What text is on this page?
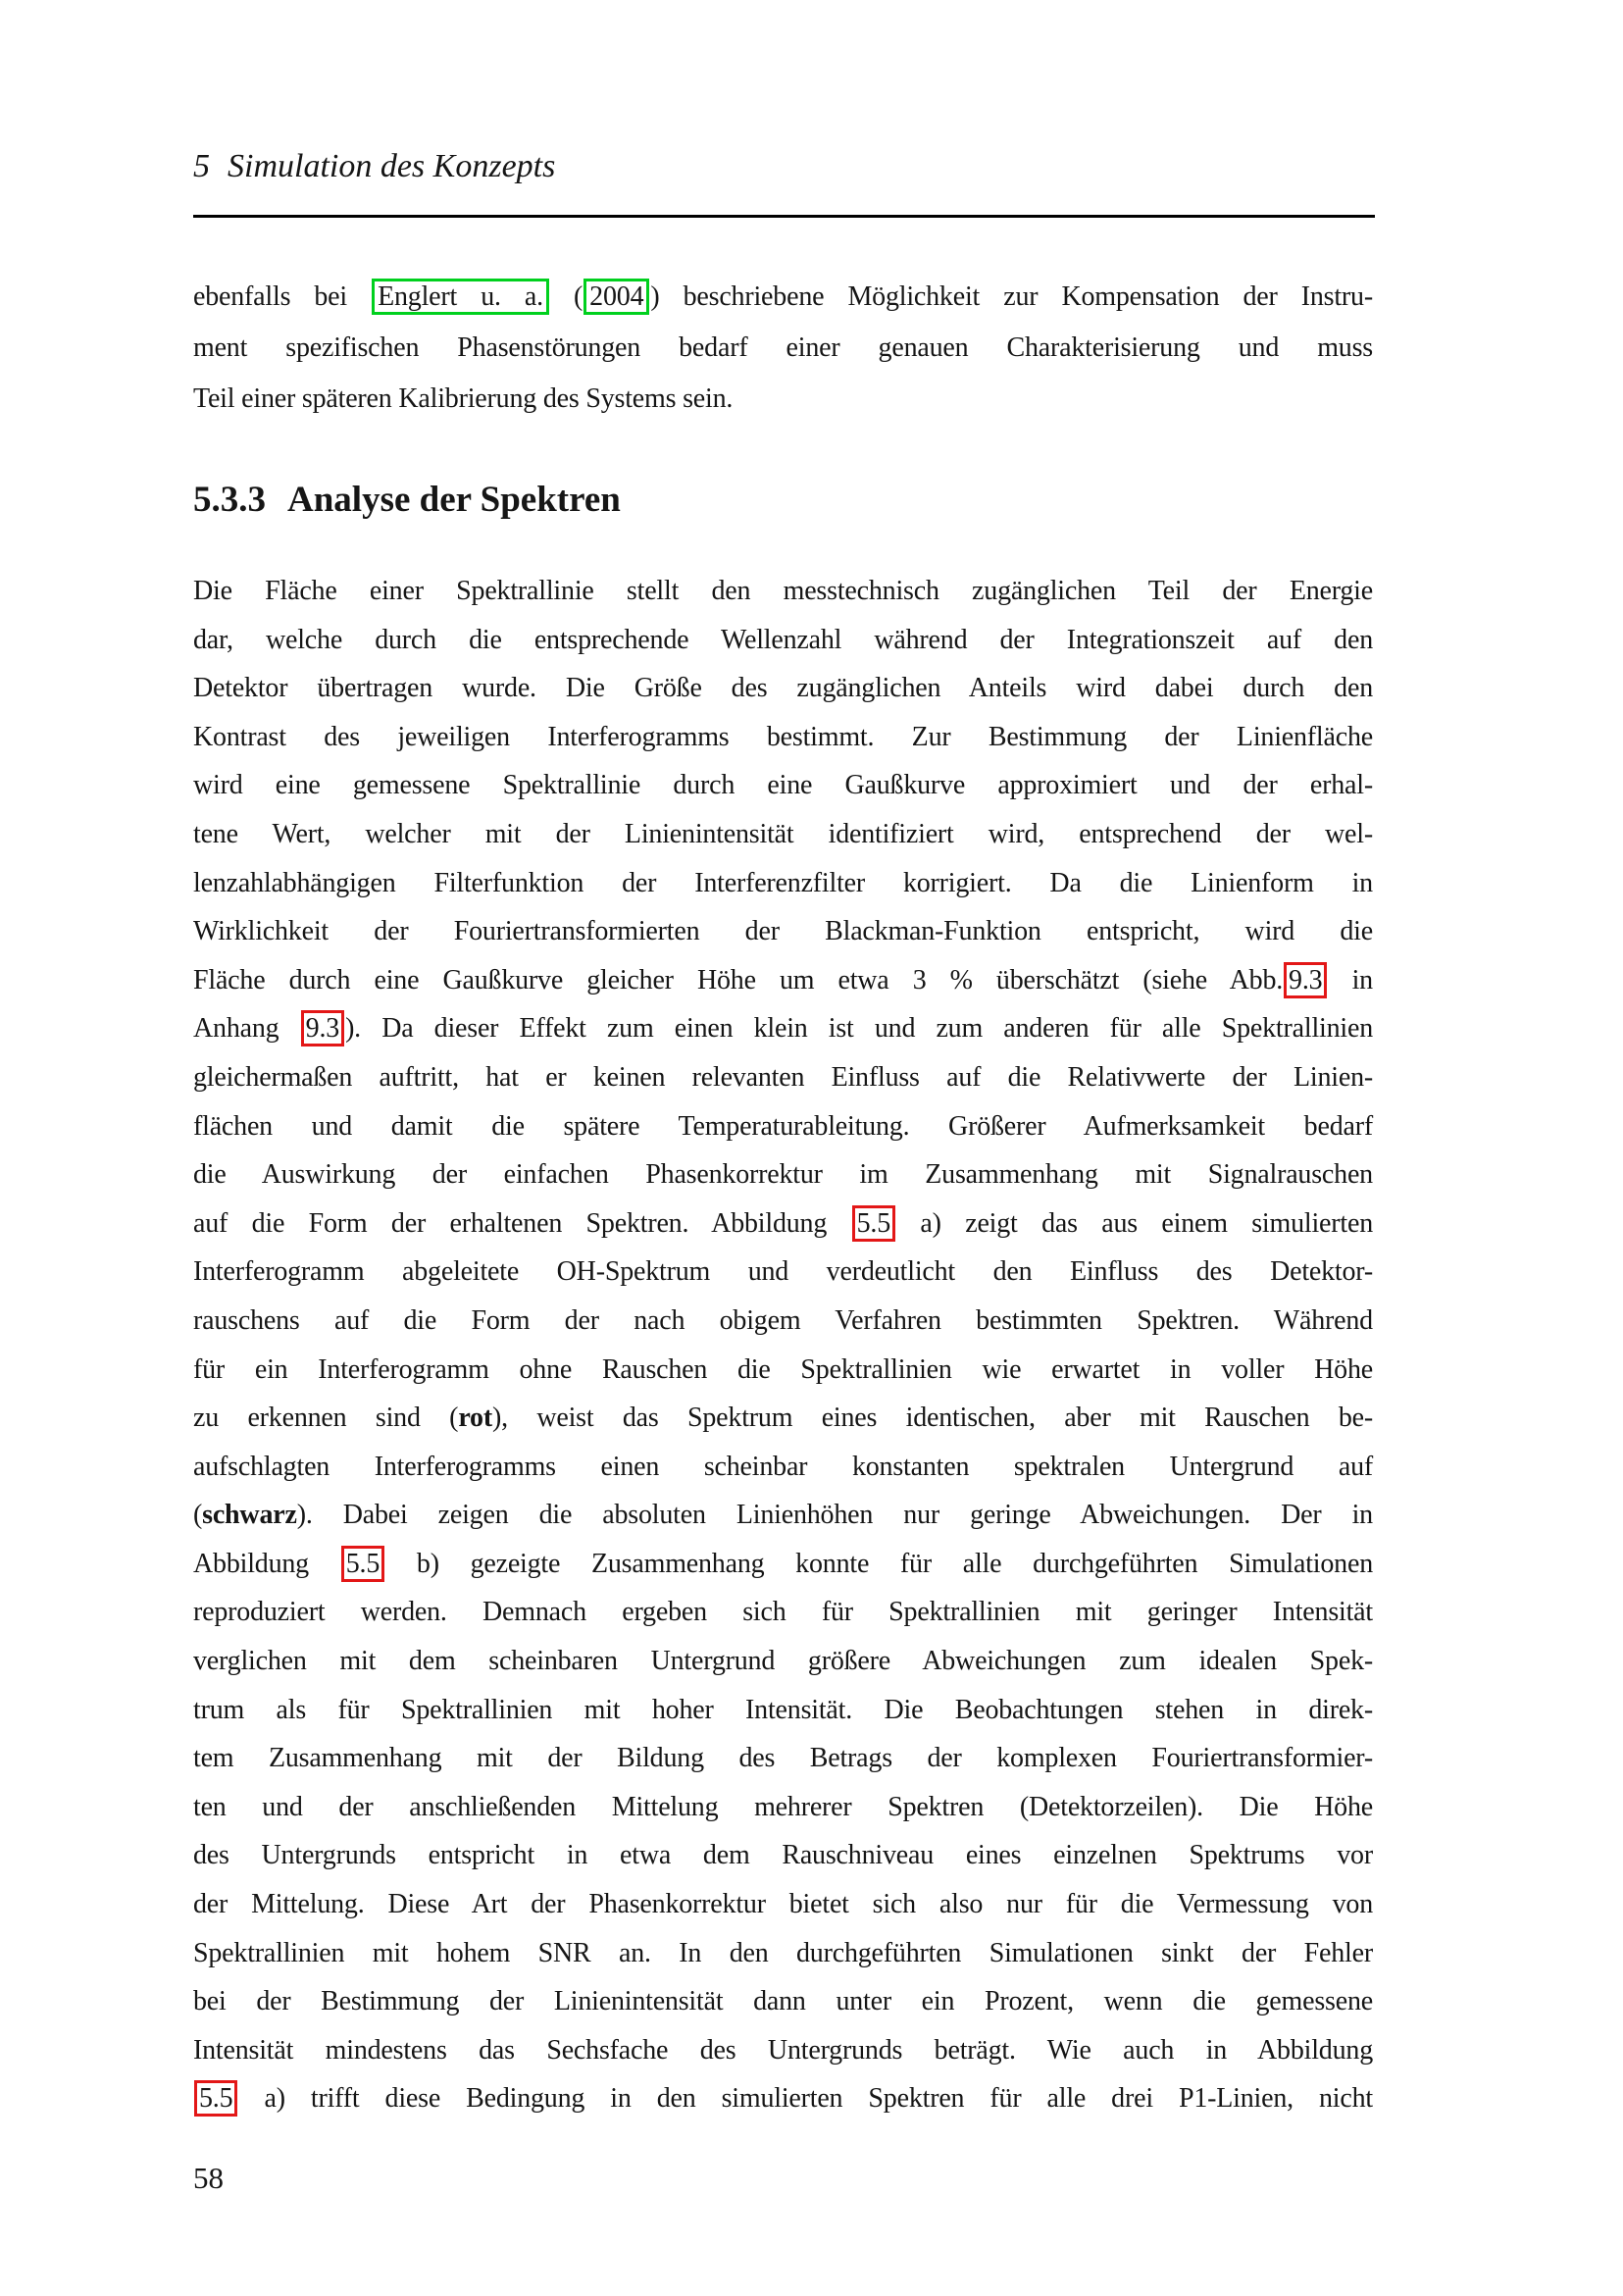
5 Simulation des Konzepts
ebenfalls bei Englert u. a. ( 2004 ) beschriebene Möglichkeit zur Kompensation der Instru-
ment spezifischen Phasenstörungen bedarf einer genauen Charakterisierung und muss
Teil einer späteren Kalibrierung des Systems sein.
5.3.3 Analyse der Spektren
Die Fläche einer Spektrallinie stellt den messtechnisch zugänglichen Teil der Energie
dar, welche durch die entsprechende Wellenzahl während der Integrationszeit auf den
Detektor übertragen wurde. Die Größe des zugänglichen Anteils wird dabei durch den
Kontrast des jeweiligen Interferogramms bestimmt. Zur Bestimmung der Linienfläche
wird eine gemessene Spektrallinie durch eine Gaußkurve approximiert und der erhal-
tene Wert, welcher mit der Linienintensität identifiziert wird, entsprechend der wel-
lenzahlabhängigen Filterfunktion der Interferenzfilter korrigiert. Da die Linienform in
Wirklichkeit der Fouriertransformierten der Blackman-Funktion entspricht, wird die
Fläche durch eine Gaußkurve gleicher Höhe um etwa 3 % überschätzt (siehe Abb. 9.3 in
Anhang 9.3 ). Da dieser Effekt zum einen klein ist und zum anderen für alle Spektrallinien
gleichermaßen auftritt, hat er keinen relevanten Einfluss auf die Relativwerte der Linien-
flächen und damit die spätere Temperaturableitung. Größerer Aufmerksamkeit bedarf
die Auswirkung der einfachen Phasenkorrektur im Zusammenhang mit Signalrauschen
auf die Form der erhaltenen Spektren. Abbildung 5.5 a) zeigt das aus einem simulierten
Interferogramm abgeleitete OH-Spektrum und verdeutlicht den Einfluss des Detektor-
rauschens auf die Form der nach obigem Verfahren bestimmten Spektren. Während
für ein Interferogramm ohne Rauschen die Spektrallinien wie erwartet in voller Höhe
zu erkennen sind (rot), weist das Spektrum eines identischen, aber mit Rauschen be-
aufschlagten Interferogramms einen scheinbar konstanten spektralen Untergrund auf
(schwarz). Dabei zeigen die absoluten Linienhöhen nur geringe Abweichungen. Der in
Abbildung 5.5 b) gezeigte Zusammenhang konnte für alle durchgeführten Simulationen
reproduziert werden. Demnach ergeben sich für Spektrallinien mit geringer Intensität
verglichen mit dem scheinbaren Untergrund größere Abweichungen zum idealen Spek-
trum als für Spektrallinien mit hoher Intensität. Die Beobachtungen stehen in direk-
tem Zusammenhang mit der Bildung des Betrags der komplexen Fouriertransformier-
ten und der anschließenden Mittelung mehrerer Spektren (Detektorzeilen). Die Höhe
des Untergrunds entspricht in etwa dem Rauschniveau eines einzelnen Spektrums vor
der Mittelung. Diese Art der Phasenkorrektur bietet sich also nur für die Vermessung von
Spektrallinien mit hohem SNR an. In den durchgeführten Simulationen sinkt der Fehler
bei der Bestimmung der Linienintensität dann unter ein Prozent, wenn die gemessene
Intensität mindestens das Sechsfache des Untergrunds beträgt. Wie auch in Abbildung
5.5 a) trifft diese Bedingung in den simulierten Spektren für alle drei P1-Linien, nicht
58
